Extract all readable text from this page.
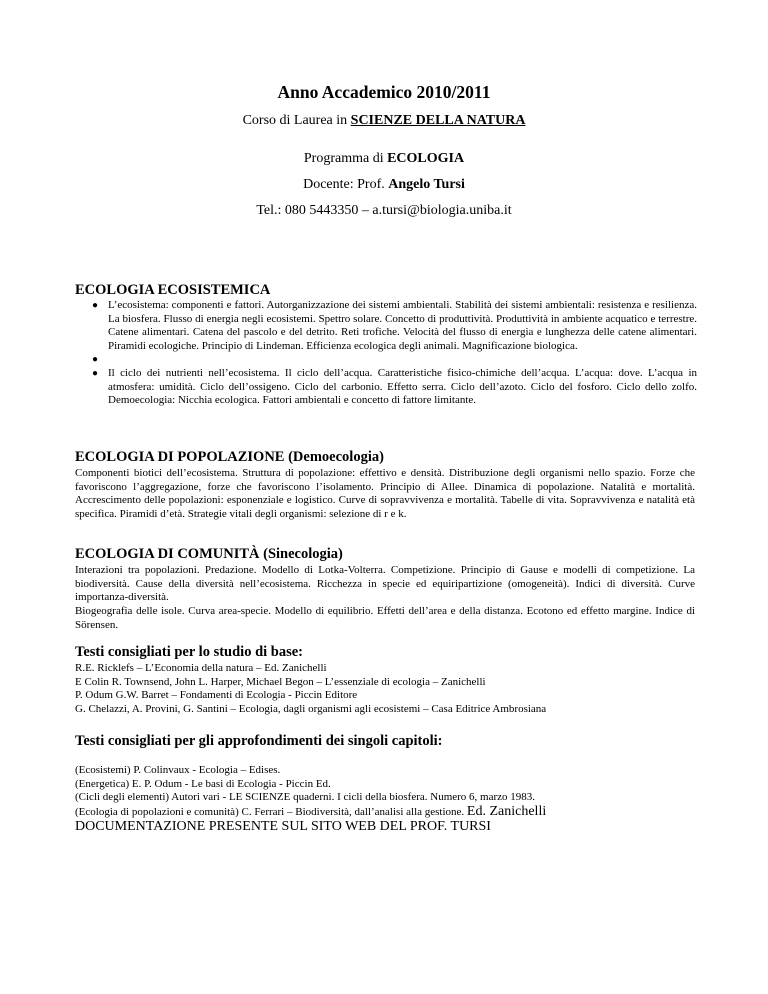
Anno Accademico 2010/2011
Corso di Laurea in SCIENZE DELLA NATURA
Programma di ECOLOGIA
Docente: Prof. Angelo Tursi
Tel.: 080 5443350 – a.tursi@biologia.uniba.it
ECOLOGIA ECOSISTEMICA
● L’ecosistema: componenti e fattori. Autorganizzazione dei sistemi ambientali. Stabilità dei sistemi ambientali: resistenza e resilienza. La biosfera. Flusso di energia negli ecosistemi. Spettro solare. Concetto di produttività. Produttività in ambiente acquatico e terrestre. Catene alimentari. Catena del pascolo e del detrito. Reti trofiche. Velocità del flusso di energia e lunghezza delle catene alimentari. Piramidi ecologiche. Principio di Lindeman. Efficienza ecologica degli animali. Magnificazione biologica.
●
● Il ciclo dei nutrienti nell’ecosistema. Il ciclo dell’acqua. Caratteristiche fisico-chimiche dell’acqua. L’acqua: dove. L’acqua in atmosfera: umidità. Ciclo dell’ossigeno. Ciclo del carbonio. Effetto serra. Ciclo dell’azoto. Ciclo del fosforo. Ciclo dello zolfo. Demoecologia: Nicchia ecologica. Fattori ambientali e concetto di fattore limitante.
ECOLOGIA DI POPOLAZIONE (Demoecologia)
Componenti biotici dell’ecosistema. Struttura di popolazione: effettivo e densità. Distribuzione degli organismi nello spazio. Forze che favoriscono l’aggregazione, forze che favoriscono l’isolamento. Principio di Allee. Dinamica di popolazione. Natalità e mortalità. Accrescimento delle popolazioni: esponenziale e logistico. Curve di sopravvivenza e mortalità. Tabelle di vita. Sopravvivenza e natalità età specifica. Piramidi d’età. Strategie vitali degli organismi: selezione di r e k.
ECOLOGIA DI COMUNITÀ (Sinecologia)
Interazioni tra popolazioni. Predazione. Modello di Lotka-Volterra. Competizione. Principio di Gause e modelli di competizione. La biodiversità. Cause della diversità nell’ecosistema. Ricchezza in specie ed equiripartizione (omogeneità). Indici di diversità. Curve importanza-diversità.
Biogeografia delle isole. Curva area-specie. Modello di equilibrio. Effetti dell’area e della distanza. Ecotono ed effetto margine. Indice di Sörensen.
Testi consigliati per lo studio di base:
R.E. Ricklefs – L’Economia della natura – Ed. Zanichelli
E Colin R. Townsend, John L. Harper, Michael Begon – L’essenziale di ecologia – Zanichelli
P. Odum G.W. Barret – Fondamenti di Ecologia - Piccin Editore
G. Chelazzi, A. Provini, G. Santini – Ecologia, dagli organismi agli ecosistemi – Casa Editrice Ambrosiana
Testi consigliati per gli approfondimenti dei singoli capitoli:
(Ecosistemi) P. Colinvaux - Ecologia – Edises.
(Energetica) E. P. Odum - Le basi di Ecologia - Piccin Ed.
(Cicli degli elementi) Autori vari - LE SCIENZE quaderni. I cicli della biosfera. Numero 6, marzo 1983.
(Ecologia di popolazioni e comunità) C. Ferrari – Biodiversità, dall’analisi alla gestione. Ed. Zanichelli
DOCUMENTAZIONE PRESENTE SUL SITO WEB DEL PROF. TURSI
